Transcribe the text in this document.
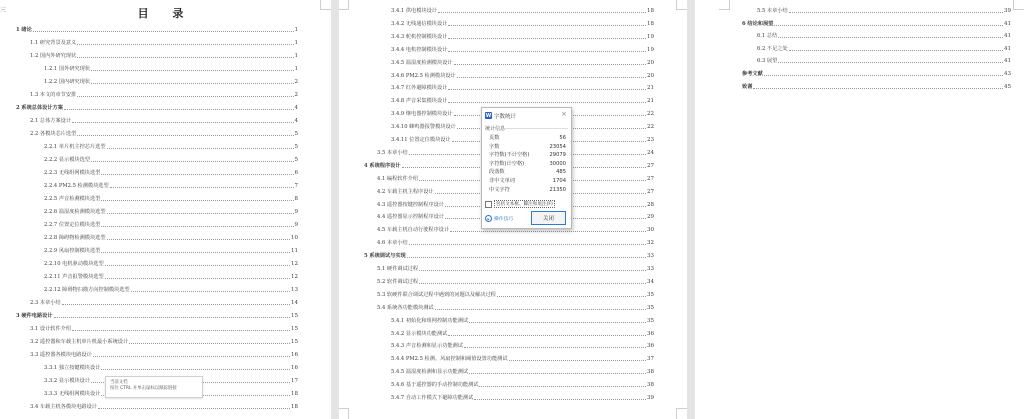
三	目 录
1 绪论	1
1.1 研究背景及意义	1
1.2 国内外研究现状	1
1.2.1 国外研究现状	1
1.2.2 国内研究现状	2
1.3 本文的章节安排	2
2 系统总体设计方案	4
2.1 总体方案设计	4
2.2 各模块芯片选型	5
2.2.1 单片机主控芯片选型	5
2.2.2 显示模块选型	5
2.2.3 无线组网模块选型	6
2.2.4 PM2.5 检测模块选型	7
2.2.5 声音检测模块选型	8
2.2.6 温湿度检测模块选型	9
2.2.7 位置定位模块选型	9
2.2.8 障碍物检测模块选型	10
2.2.9 风扇控制模块选型	11
2.2.10 电机驱动模块选型	12
2.2.11 声音报警模块选型	12
2.2.12 障碍物扫描方向控制模块选型	13
2.3 本章小结	14
3 硬件电路设计	15
3.1 设计软件介绍	15
3.2 遥控器和车载主机单片机最小系统设计	15
3.3 遥控器各模块电路设计	16
3.3.1 独立按键模块设计	16
3.3.2 显示模块设计	17
3.3.3 无线组网模块设计	18
3.4 车载主机各模块电路设计	18
3.4.1 供电模块设计	18
3.4.2 无线通信模块设计	18
3.4.3 舵机控制模块设计	19
3.4.4 电机控制模块设计	19
3.4.5 温湿度检测模块设计	20
3.4.6 PM2.5 检测模块设计	20
3.4.7 红外避障模块设计	21
3.4.8 声音采集模块设计	21
3.4.9 继电器控制模块设计	22
3.4.10 蜂鸣器报警模块设计	22
3.4.11 位置定位模块设计	23
3.5 本章小结	24
4 系统程序设计	27
4.1 编程软件介绍	27
4.2 车载主机主程序设计	27
4.3 遥控器按键控制程序设计	28
4.4 遥控器显示控制程序设计	29
4.5 车载主机自动行驶程序设计	30
4.6 本章小结	32
5 系统调试与实现	33
5.1 硬件调试过程	33
5.2 软件调试过程	34
5.3 软硬件联合调试过程中遇到的问题以及解决过程	35
5.4 系统各功能模块测试	35
5.4.1 初始化和组网控制功能测试	35
5.4.2 显示模块功能测试	36
5.4.3 声音检测和显示功能测试	36
5.4.4 PM2.5 检测、风扇控制和阈值设置功能测试	37
5.4.5 温湿度检测和显示功能测试	38
5.4.6 基于遥控器的手动控制功能测试	38
5.4.7 自动工作模式下避障功能测试	39
5.5 本章小结	39
6 结论和展望	41
6.1 总结	41
6.2 不足之处	41
6.3 展望	41
参考文献	43
致谢	45
W 字数统计	×
统计信息
页数	56
字数	23054
字符数(不计空格)	29079
字符数(计空格)	30000
段落数	485
非中文单词	1704
中文字符	21350
包括文本框、脚注和尾注(F)
▶ 操作技巧	关闭
当前文档
按住 CTRL 并单击鼠标以跟踪链接
